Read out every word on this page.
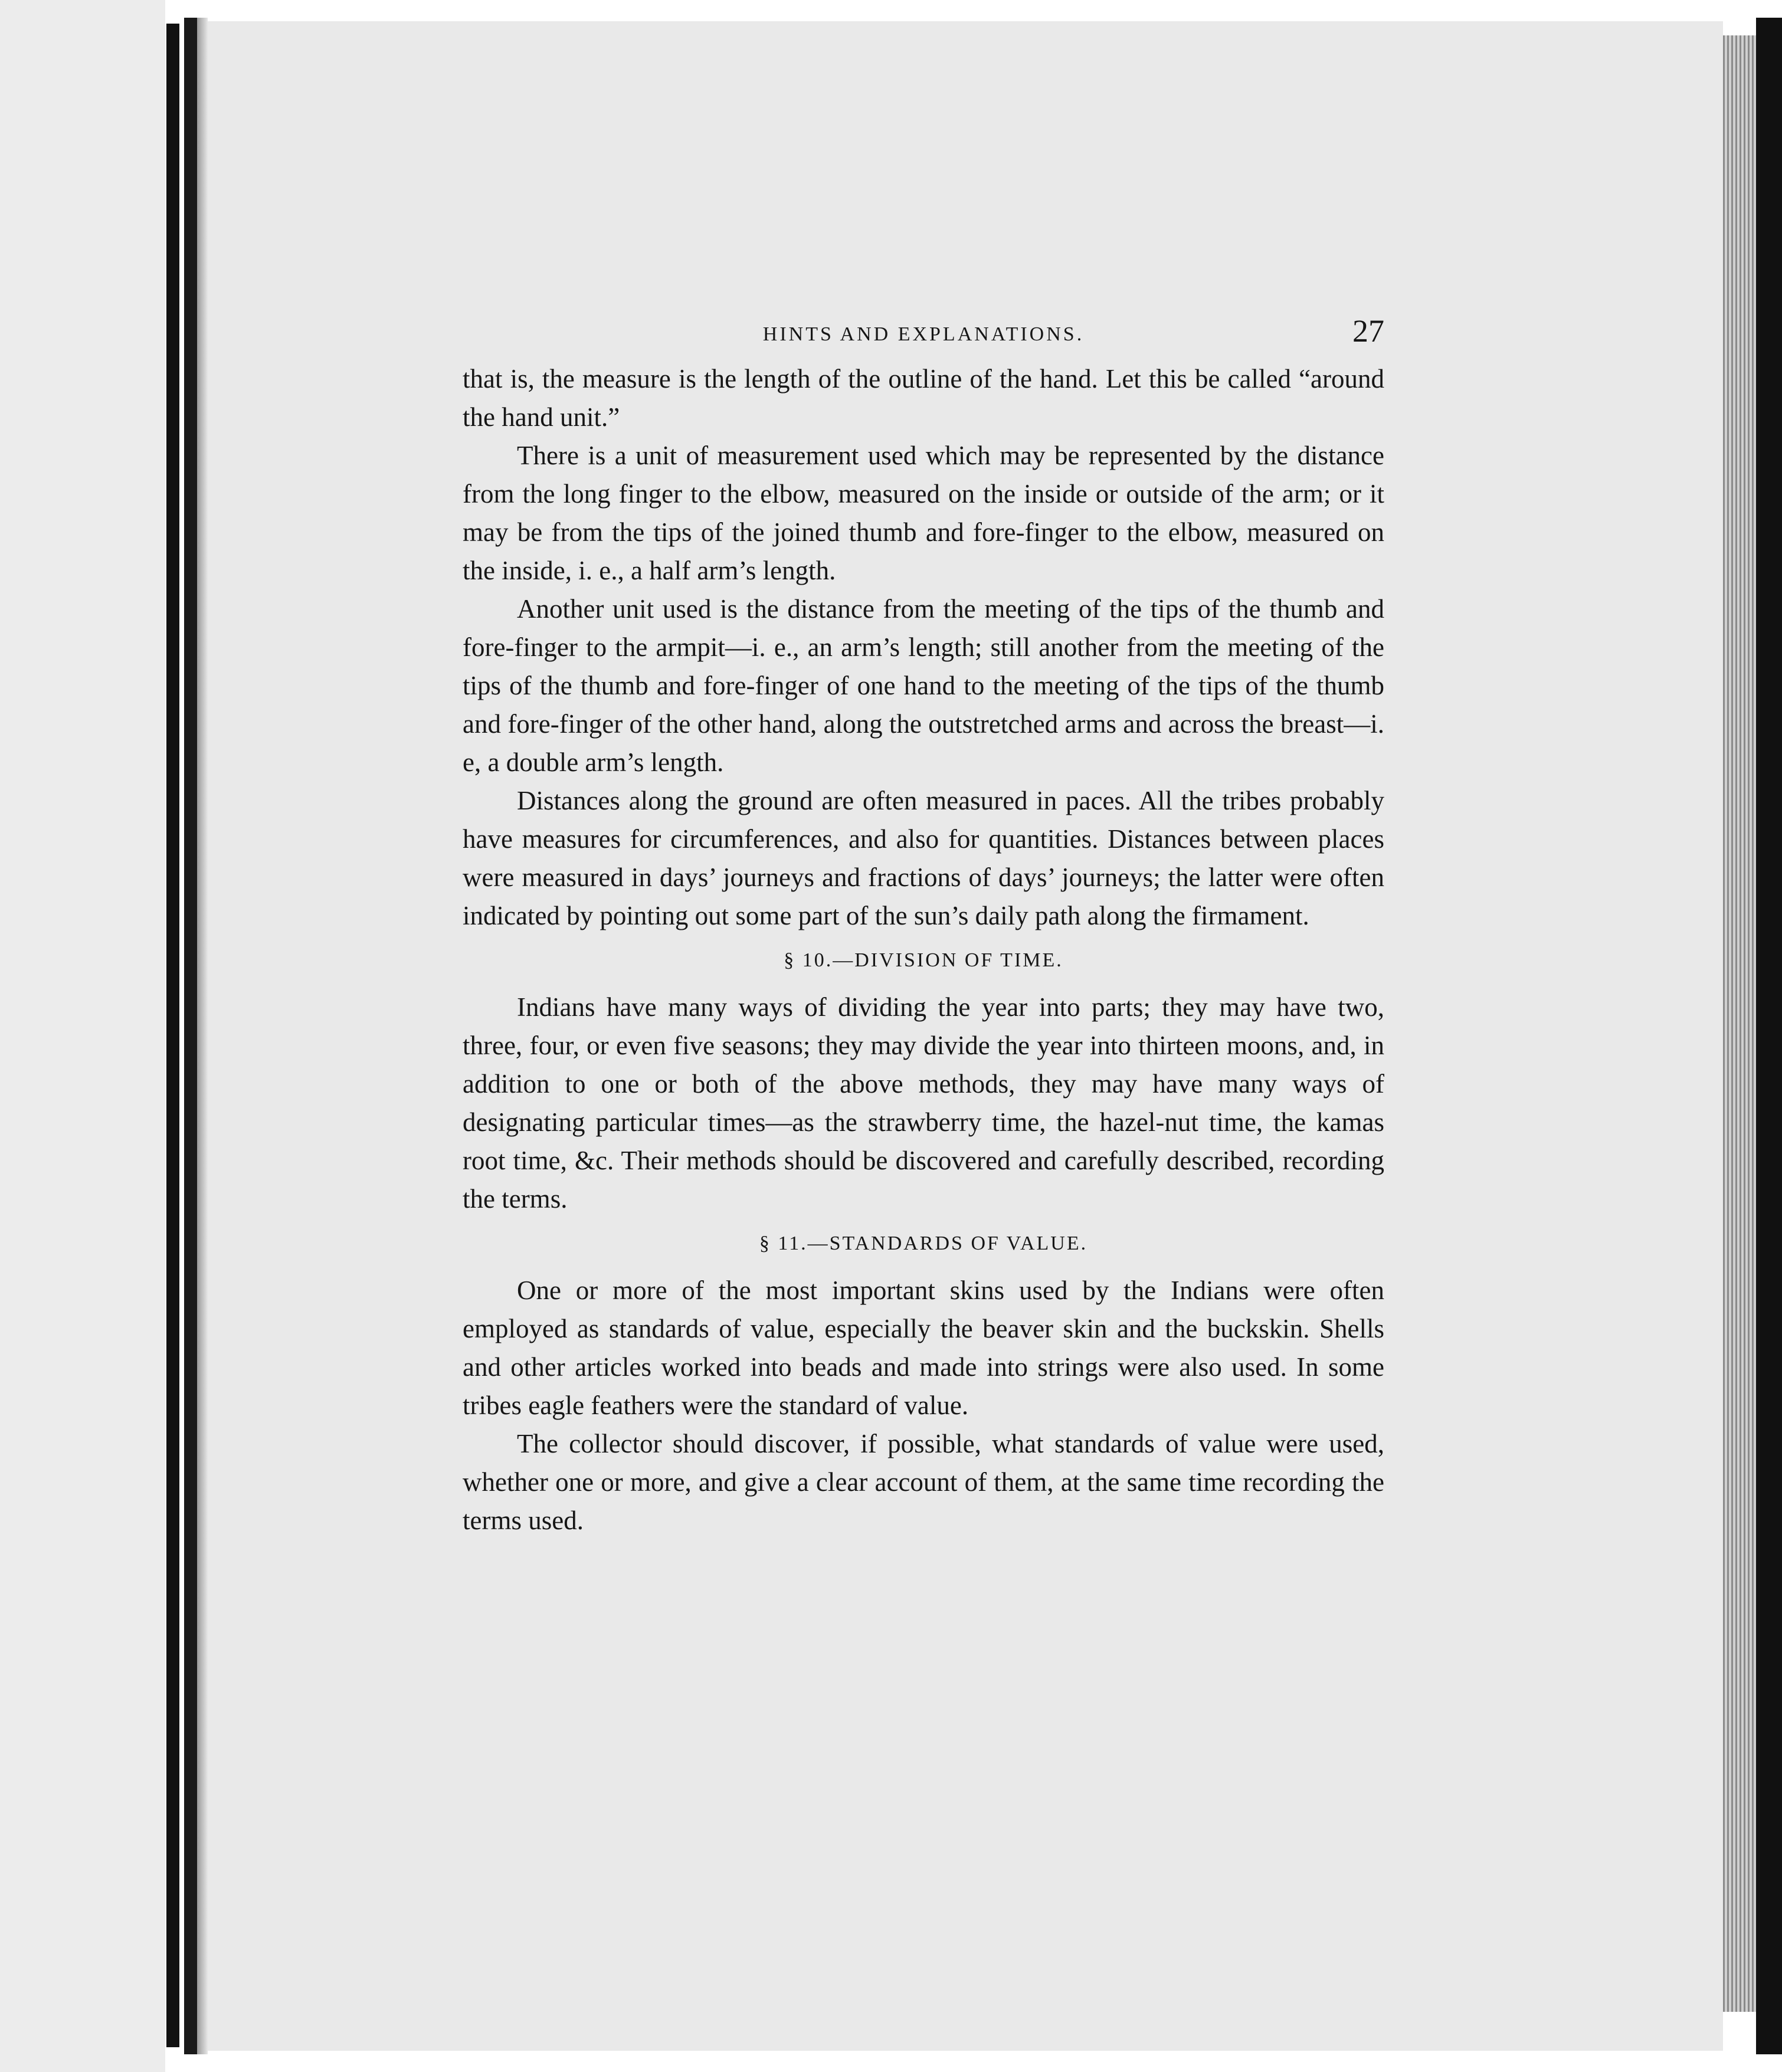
HINTS AND EXPLANATIONS.	27

that is, the measure is the length of the outline of the hand. Let this be called “around the hand unit.”

There is a unit of measurement used which may be represented by the distance from the long finger to the elbow, measured on the inside or outside of the arm; or it may be from the tips of the joined thumb and fore-finger to the elbow, measured on the inside, i. e., a half arm’s length.

Another unit used is the distance from the meeting of the tips of the thumb and fore-finger to the armpit—i. e., an arm’s length; still another from the meeting of the tips of the thumb and fore-finger of one hand to the meeting of the tips of the thumb and fore-finger of the other hand, along the outstretched arms and across the breast—i. e, a double arm’s length.

Distances along the ground are often measured in paces. All the tribes probably have measures for circumferences, and also for quantities. Distances between places were measured in days’ journeys and fractions of days’ journeys; the latter were often indicated by pointing out some part of the sun’s daily path along the firmament.

§ 10.—DIVISION OF TIME.

Indians have many ways of dividing the year into parts; they may have two, three, four, or even five seasons; they may divide the year into thirteen moons, and, in addition to one or both of the above methods, they may have many ways of designating particular times—as the strawberry time, the hazel-nut time, the kamas root time, &c. Their methods should be discovered and carefully described, recording the terms.

§ 11.—STANDARDS OF VALUE.

One or more of the most important skins used by the Indians were often employed as standards of value, especially the beaver skin and the buckskin. Shells and other articles worked into beads and made into strings were also used. In some tribes eagle feathers were the standard of value.

The collector should discover, if possible, what standards of value were used, whether one or more, and give a clear account of them, at the same time recording the terms used.
